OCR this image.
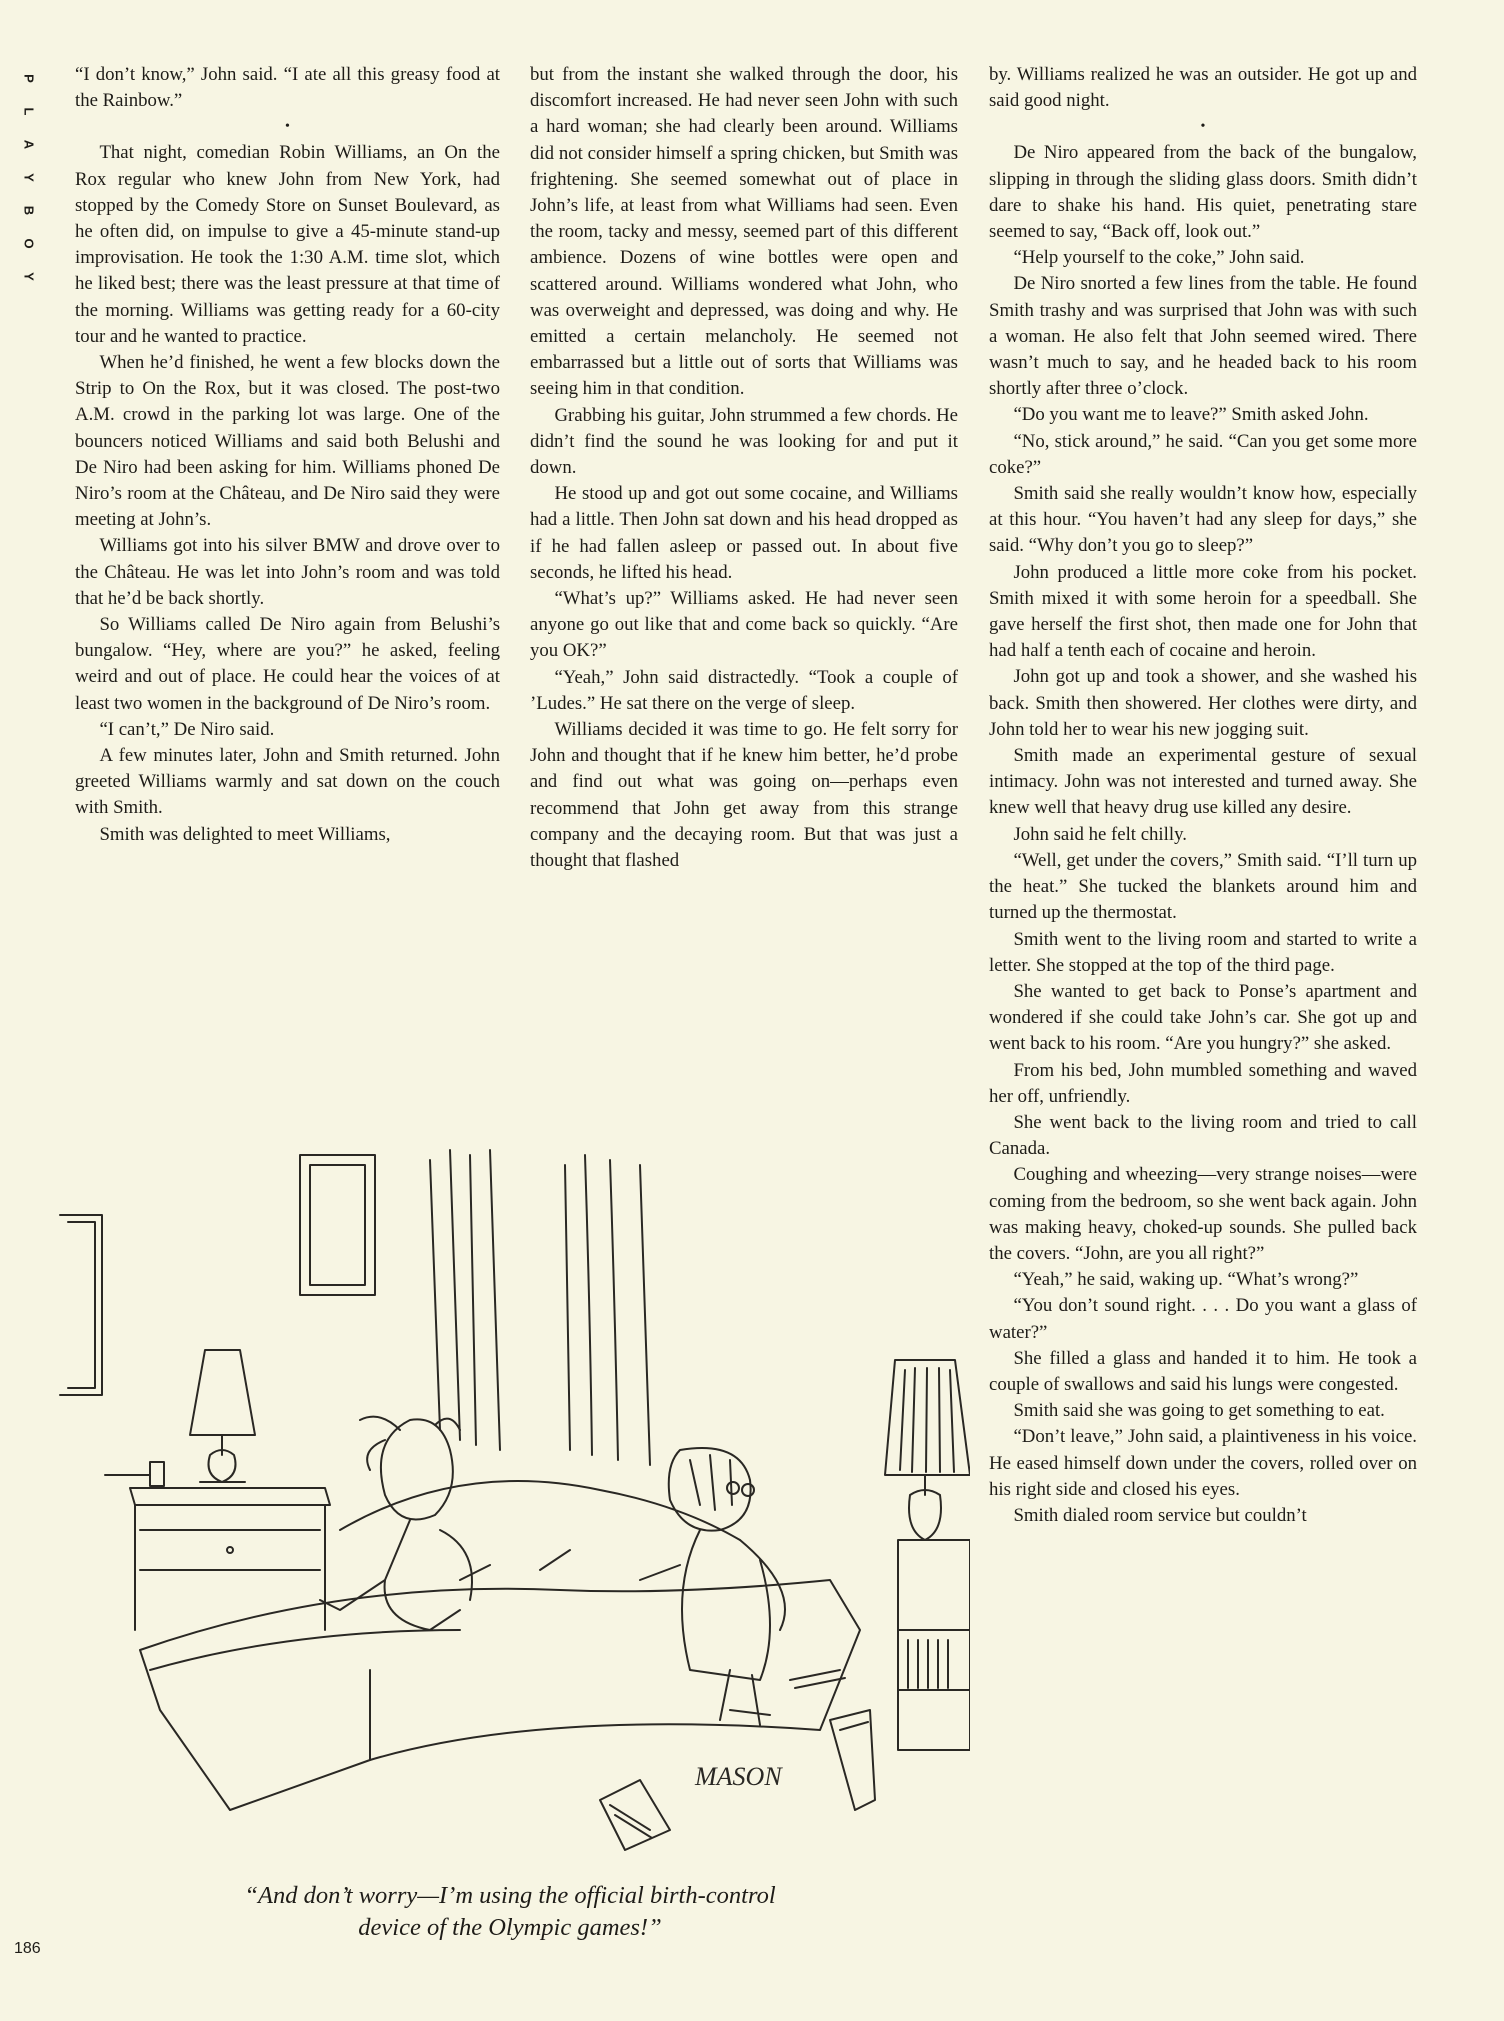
P
L
A
Y
B
O
Y

“I don’t know,” John said. “I ate all this greasy food at the Rainbow.”

•

That night, comedian Robin Williams, an On the Rox regular who knew John from New York, had stopped by the Comedy Store on Sunset Boulevard, as he often did, on impulse to give a 45-minute stand-up improvisation. He took the 1:30 A.M. time slot, which he liked best; there was the least pressure at that time of the morning. Williams was getting ready for a 60-city tour and he wanted to practice.

When he’d finished, he went a few blocks down the Strip to On the Rox, but it was closed. The post-two A.M. crowd in the parking lot was large. One of the bouncers noticed Williams and said both Belushi and De Niro had been asking for him. Williams phoned De Niro’s room at the Château, and De Niro said they were meeting at John’s.

Williams got into his silver BMW and drove over to the Château. He was let into John’s room and was told that he’d be back shortly.

So Williams called De Niro again from Belushi’s bungalow. “Hey, where are you?” he asked, feeling weird and out of place. He could hear the voices of at least two women in the background of De Niro’s room.

“I can’t,” De Niro said.

A few minutes later, John and Smith returned. John greeted Williams warmly and sat down on the couch with Smith.

Smith was delighted to meet Williams,

but from the instant she walked through the door, his discomfort increased. He had never seen John with such a hard woman; she had clearly been around. Williams did not consider himself a spring chicken, but Smith was frightening. She seemed somewhat out of place in John’s life, at least from what Williams had seen. Even the room, tacky and messy, seemed part of this different ambience. Dozens of wine bottles were open and scattered around. Williams wondered what John, who was overweight and depressed, was doing and why. He emitted a certain melancholy. He seemed not embarrassed but a little out of sorts that Williams was seeing him in that condition.

Grabbing his guitar, John strummed a few chords. He didn’t find the sound he was looking for and put it down.

He stood up and got out some cocaine, and Williams had a little. Then John sat down and his head dropped as if he had fallen asleep or passed out. In about five seconds, he lifted his head.

“What’s up?” Williams asked. He had never seen anyone go out like that and come back so quickly. “Are you OK?”

“Yeah,” John said distractedly. “Took a couple of ’Ludes.” He sat there on the verge of sleep.

Williams decided it was time to go. He felt sorry for John and thought that if he knew him better, he’d probe and find out what was going on—perhaps even recommend that John get away from this strange company and the decaying room. But that was just a thought that flashed

by. Williams realized he was an outsider. He got up and said good night.

•

De Niro appeared from the back of the bungalow, slipping in through the sliding glass doors. Smith didn’t dare to shake his hand. His quiet, penetrating stare seemed to say, “Back off, look out.”

“Help yourself to the coke,” John said.

De Niro snorted a few lines from the table. He found Smith trashy and was surprised that John was with such a woman. He also felt that John seemed wired. There wasn’t much to say, and he headed back to his room shortly after three o’clock.

“Do you want me to leave?” Smith asked John.

“No, stick around,” he said. “Can you get some more coke?”

Smith said she really wouldn’t know how, especially at this hour. “You haven’t had any sleep for days,” she said. “Why don’t you go to sleep?”

John produced a little more coke from his pocket. Smith mixed it with some heroin for a speedball. She gave herself the first shot, then made one for John that had half a tenth each of cocaine and heroin.

John got up and took a shower, and she washed his back. Smith then showered. Her clothes were dirty, and John told her to wear his new jogging suit.

Smith made an experimental gesture of sexual intimacy. John was not interested and turned away. She knew well that heavy drug use killed any desire.

John said he felt chilly.

“Well, get under the covers,” Smith said. “I’ll turn up the heat.” She tucked the blankets around him and turned up the thermostat.

Smith went to the living room and started to write a letter. She stopped at the top of the third page.

She wanted to get back to Ponse’s apartment and wondered if she could take John’s car. She got up and went back to his room. “Are you hungry?” she asked.

From his bed, John mumbled something and waved her off, unfriendly.

She went back to the living room and tried to call Canada.

Coughing and wheezing—very strange noises—were coming from the bedroom, so she went back again. John was making heavy, choked-up sounds. She pulled back the covers. “John, are you all right?”

“Yeah,” he said, waking up. “What’s wrong?”

“You don’t sound right. . . . Do you want a glass of water?”

She filled a glass and handed it to him. He took a couple of swallows and said his lungs were congested.

Smith said she was going to get something to eat.

“Don’t leave,” John said, a plaintiveness in his voice. He eased himself down under the covers, rolled over on his right side and closed his eyes.

Smith dialed room service but couldn’t

MASON
“And don’t worry—I’m using the official birth-control
device of the Olympic games!”
186
